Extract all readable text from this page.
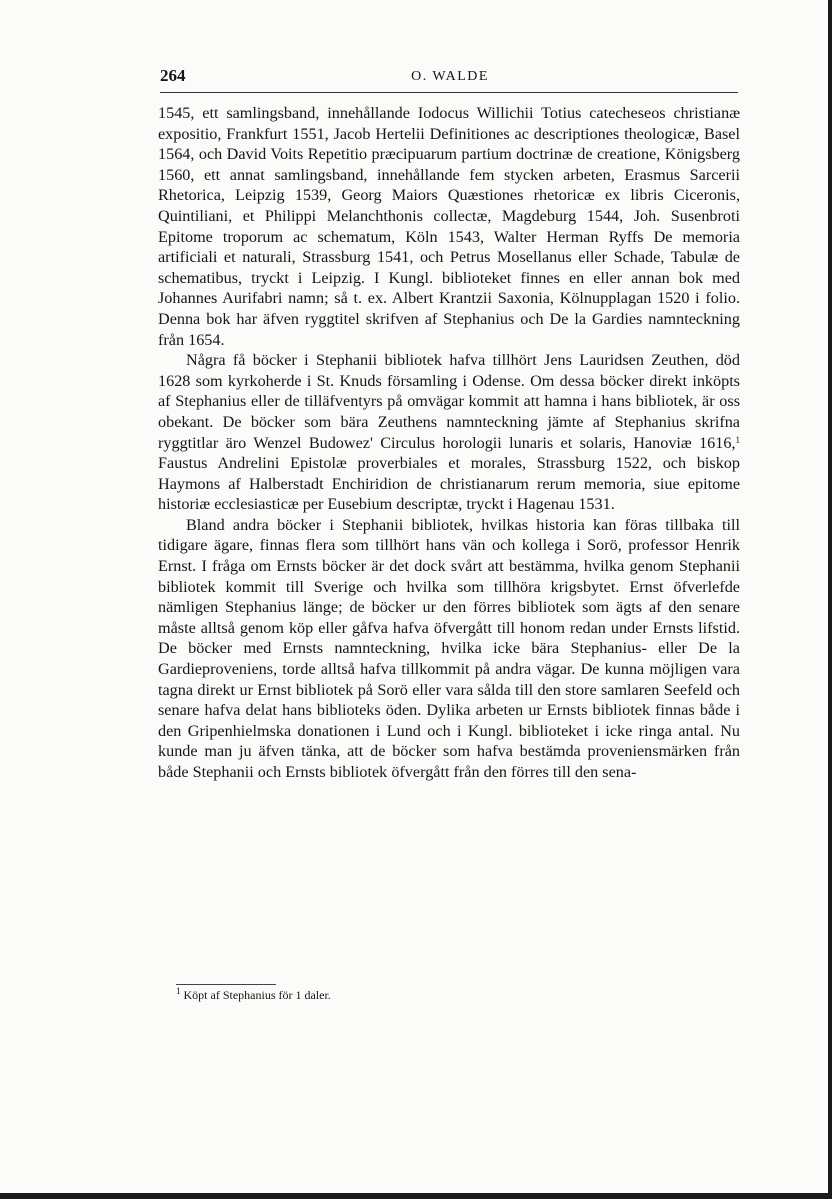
264	O. WALDE

1545, ett samlingsband, innehållande Iodocus Willichii Totius catecheseos christianæ expositio, Frankfurt 1551, Jacob Hertelii Definitiones ac descriptiones theologicæ, Basel 1564, och David Voits Repetitio præcipuarum partium doctrinæ de creatione, Königsberg 1560, ett annat samlingsband, innehållande fem stycken arbeten, Erasmus Sarcerii Rhetorica, Leipzig 1539, Georg Maiors Quæstiones rhetoricæ ex libris Ciceronis, Quintiliani, et Philippi Melanchthonis collectæ, Magdeburg 1544, Joh. Susenbroti Epitome troporum ac schematum, Köln 1543, Walter Herman Ryffs De memoria artificiali et naturali, Strassburg 1541, och Petrus Mosellanus eller Schade, Tabulæ de schematibus, tryckt i Leipzig. I Kungl. biblioteket finnes en eller annan bok med Johannes Aurifabri namn; så t. ex. Albert Krantzii Saxonia, Kölnupplagan 1520 i folio. Denna bok har äfven ryggtitel skrifven af Stephanius och De la Gardies namnteckning från 1654.

Några få böcker i Stephanii bibliotek hafva tillhört Jens Lauridsen Zeuthen, död 1628 som kyrkoherde i St. Knuds församling i Odense. Om dessa böcker direkt inköpts af Stephanius eller de tilläfventyrs på omvägar kommit att hamna i hans bibliotek, är oss obekant. De böcker som bära Zeuthens namnteckning jämte af Stephanius skrifna ryggtitlar äro Wenzel Budowez' Circulus horologii lunaris et solaris, Hanoviæ 1616,$^1$ Faustus Andrelini Epistolæ proverbiales et morales, Strassburg 1522, och biskop Haymons af Halberstadt Enchiridion de christianarum rerum memoria, siue epitome historiæ ecclesiasticæ per Eusebium descriptæ, tryckt i Hagenau 1531.

Bland andra böcker i Stephanii bibliotek, hvilkas historia kan föras tillbaka till tidigare ägare, finnas flera som tillhört hans vän och kollega i Sorö, professor Henrik Ernst. I fråga om Ernsts böcker är det dock svårt att bestämma, hvilka genom Stephanii bibliotek kommit till Sverige och hvilka som tillhöra krigsbytet. Ernst öfverlefde nämligen Stephanius länge; de böcker ur den förres bibliotek som ägts af den senare måste alltså genom köp eller gåfva hafva öfvergått till honom redan under Ernsts lifstid. De böcker med Ernsts namnteckning, hvilka icke bära Stephanius- eller De la Gardieproveniens, torde alltså hafva tillkommit på andra vägar. De kunna möjligen vara tagna direkt ur Ernst bibliotek på Sorö eller vara sålda till den store samlaren Seefeld och senare hafva delat hans biblioteks öden. Dylika arbeten ur Ernsts bibliotek finnas både i den Gripenhielmska donationen i Lund och i Kungl. biblioteket i icke ringa antal. Nu kunde man ju äfven tänka, att de böcker som hafva bestämda proveniensmärken från både Stephanii och Ernsts bibliotek öfvergått från den förres till den sena-

$^1$ Köpt af Stephanius för 1 daler.
